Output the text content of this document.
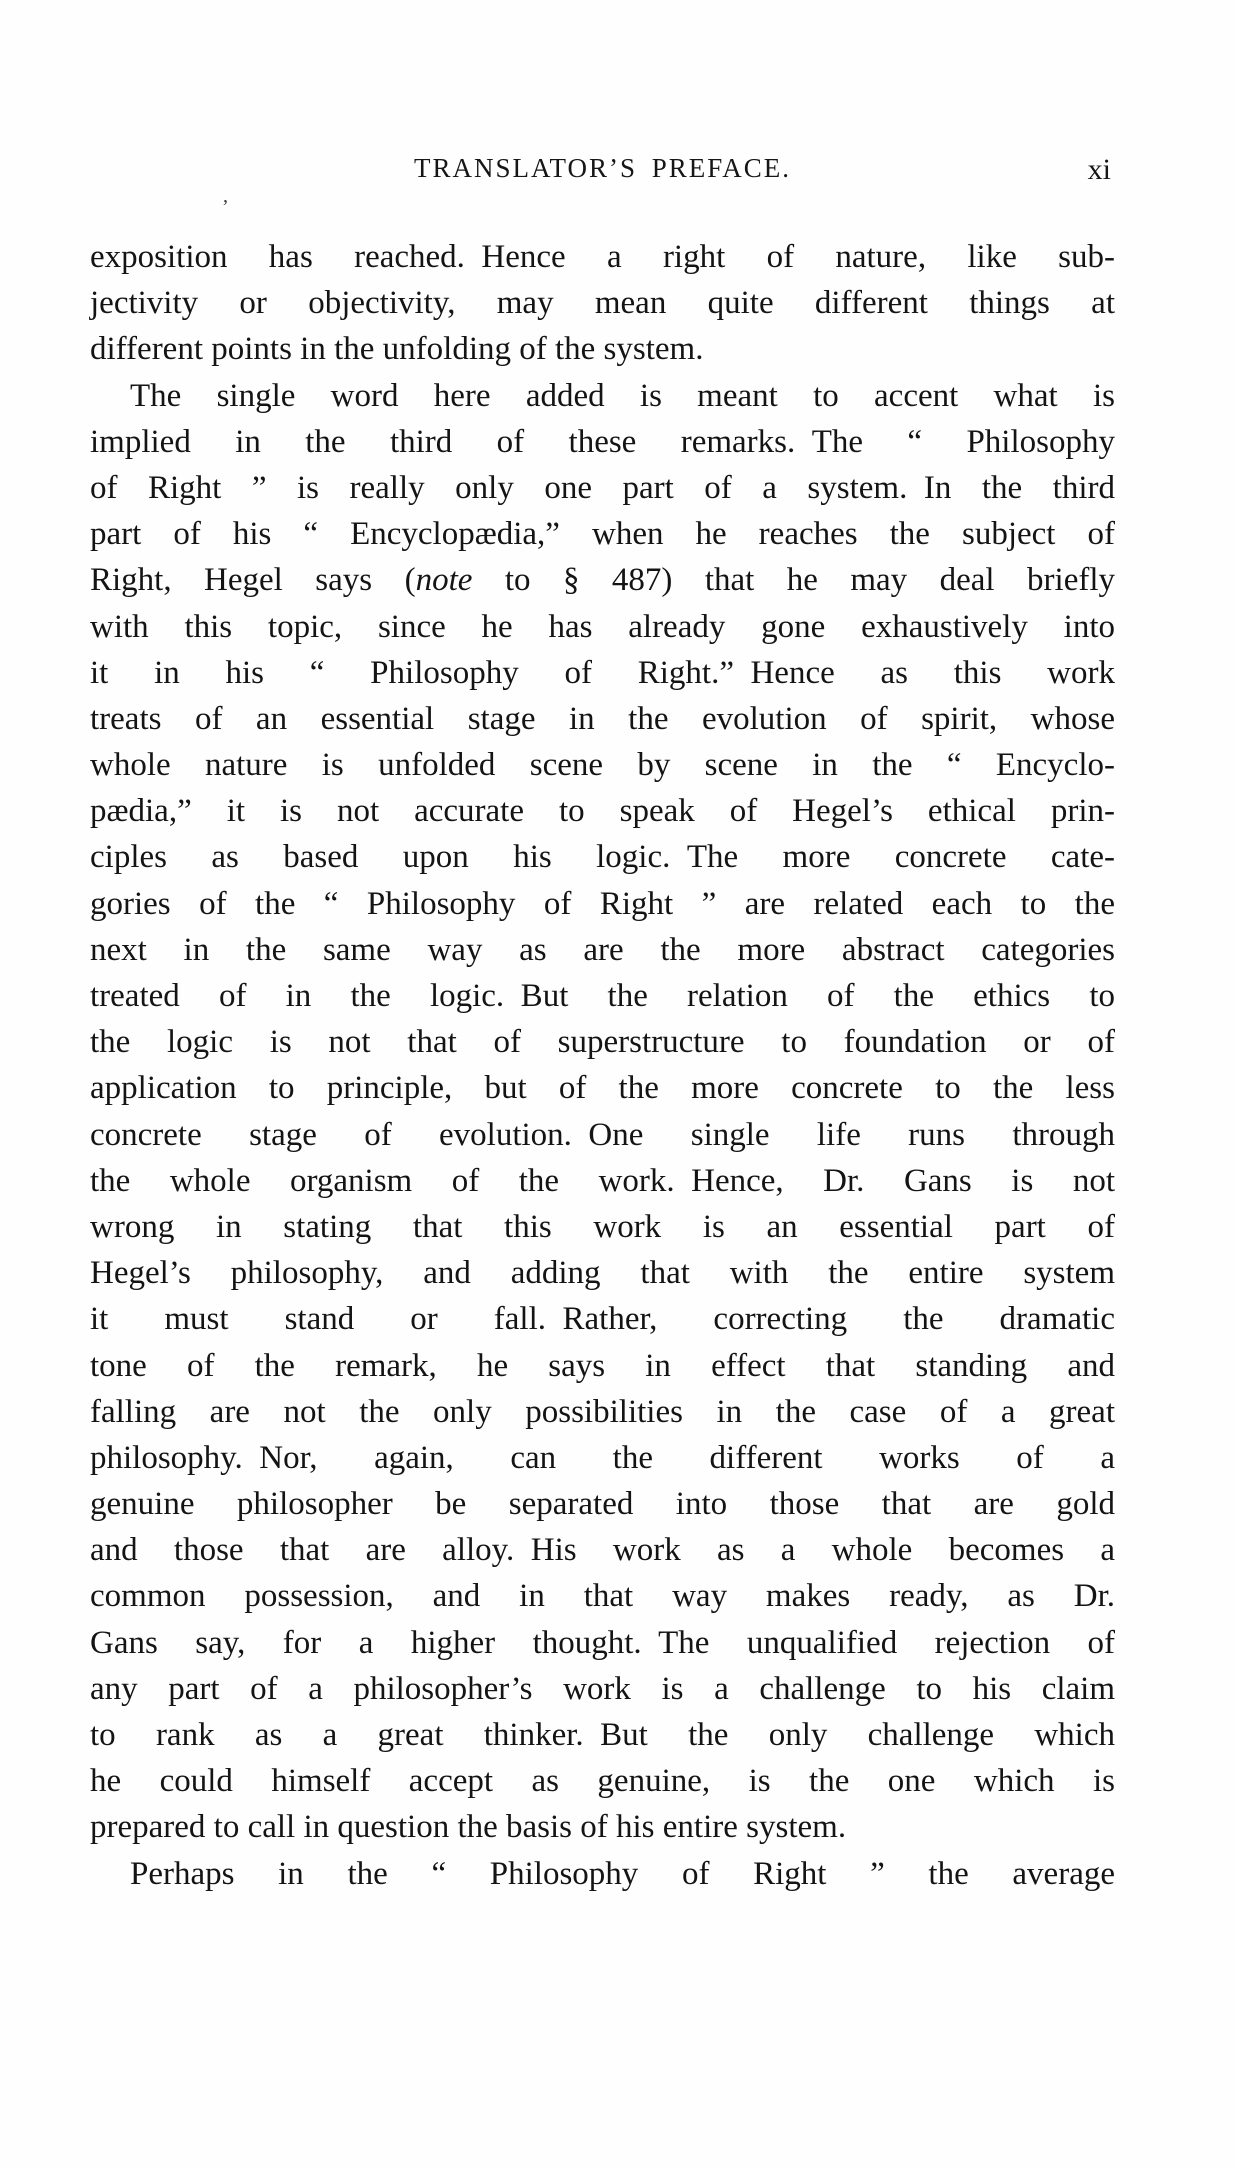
TRANSLATOR’S PREFACE.	xi
’
exposition has reached. Hence a right of nature, like sub-
jectivity or objectivity, may mean quite different things at
different points in the unfolding of the system.
The single word here added is meant to accent what is
implied in the third of these remarks. The “ Philosophy
of Right ” is really only one part of a system. In the third
part of his “ Encyclopædia,” when he reaches the subject of
Right, Hegel says (note to § 487) that he may deal briefly
with this topic, since he has already gone exhaustively into
it in his “ Philosophy of Right.” Hence as this work
treats of an essential stage in the evolution of spirit, whose
whole nature is unfolded scene by scene in the “ Encyclo-
pædia,” it is not accurate to speak of Hegel’s ethical prin-
ciples as based upon his logic. The more concrete cate-
gories of the “ Philosophy of Right ” are related each to the
next in the same way as are the more abstract categories
treated of in the logic. But the relation of the ethics to
the logic is not that of superstructure to foundation or of
application to principle, but of the more concrete to the less
concrete stage of evolution. One single life runs through
the whole organism of the work. Hence, Dr. Gans is not
wrong in stating that this work is an essential part of
Hegel’s philosophy, and adding that with the entire system
it must stand or fall. Rather, correcting the dramatic
tone of the remark, he says in effect that standing and
falling are not the only possibilities in the case of a great
philosophy. Nor, again, can the different works of a
genuine philosopher be separated into those that are gold
and those that are alloy. His work as a whole becomes a
common possession, and in that way makes ready, as Dr.
Gans say, for a higher thought. The unqualified rejection of
any part of a philosopher’s work is a challenge to his claim
to rank as a great thinker. But the only challenge which
he could himself accept as genuine, is the one which is
prepared to call in question the basis of his entire system.
Perhaps in the “ Philosophy of Right ” the average
